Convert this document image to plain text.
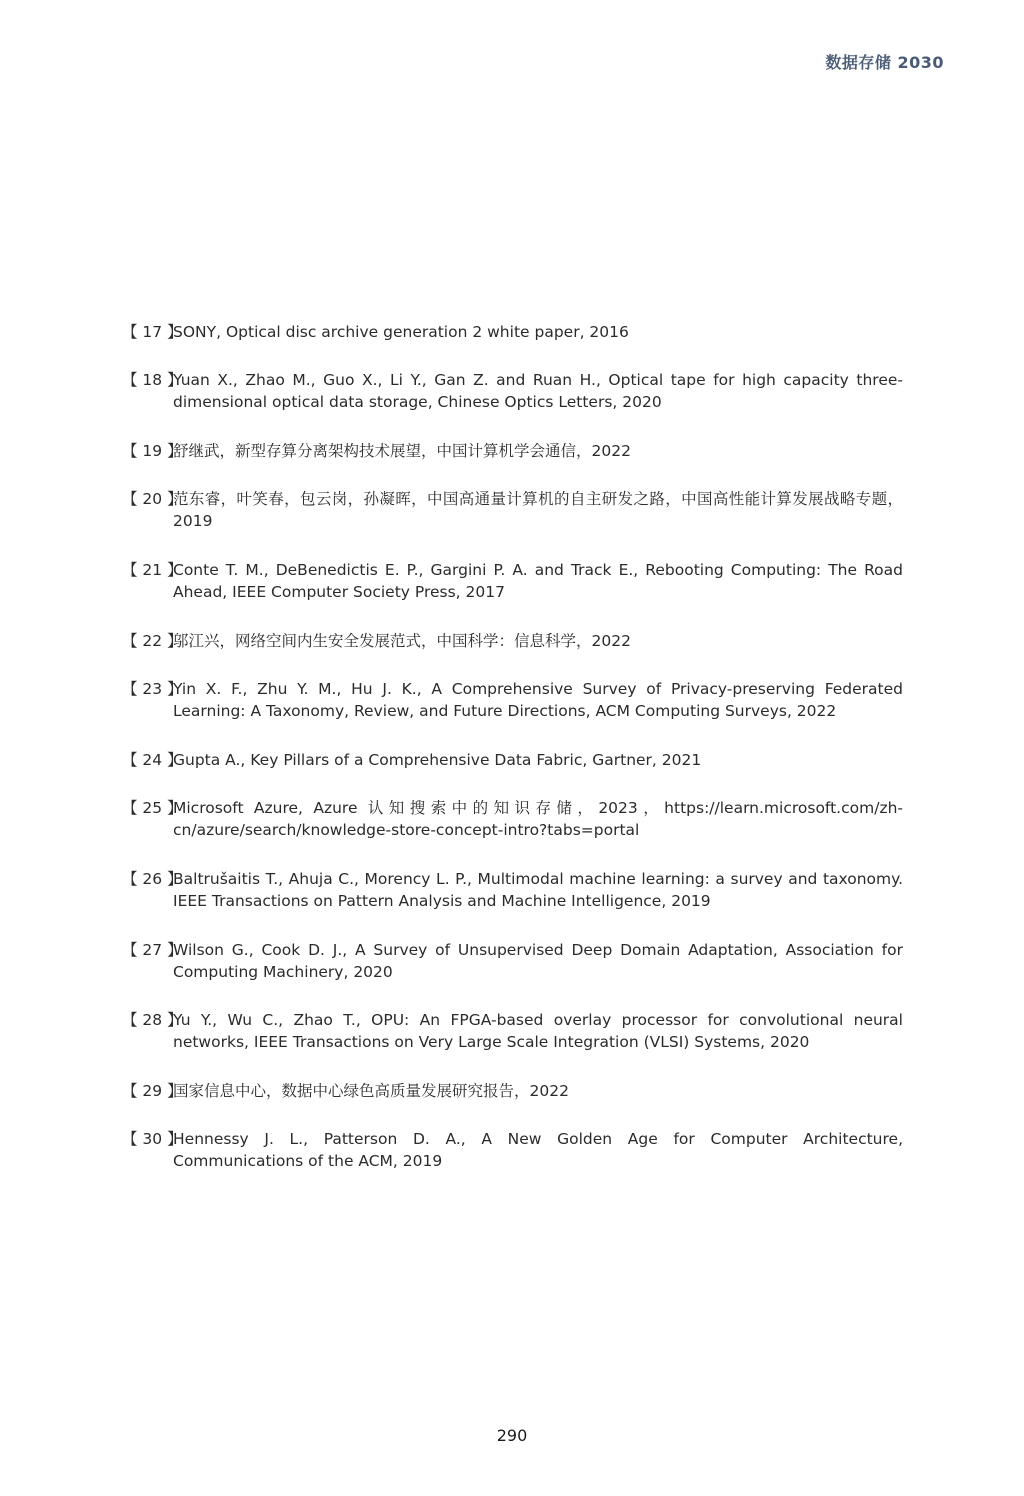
数据存储 2030
【 17 】
SONY, Optical disc archive generation 2 white paper, 2016
【 18 】
Yuan X., Zhao M., Guo X., Li Y., Gan Z. and Ruan H., Optical tape for high capacity three-dimensional optical data storage, Chinese Optics Letters, 2020
【 19 】
舒继武，新型存算分离架构技术展望，中国计算机学会通信，2022
【 20 】
范东睿，叶笑春，包云岗，孙凝晖，中国高通量计算机的自主研发之路，中国高性能计算发展战略专题，2019
【 21 】
Conte T. M., DeBenedictis E. P., Gargini P. A. and Track E., Rebooting Computing: The Road Ahead, IEEE Computer Society Press, 2017
【 22 】
邬江兴，网络空间内生安全发展范式，中国科学：信息科学，2022
【 23 】
Yin X. F., Zhu Y. M., Hu J. K., A Comprehensive Survey of Privacy-preserving Federated Learning: A Taxonomy, Review, and Future Directions, ACM Computing Surveys, 2022
【 24 】
Gupta A., Key Pillars of a Comprehensive Data Fabric, Gartner, 2021
【 25 】
Microsoft Azure, Azure 认知搜索中的知识存储，2023，https://learn.microsoft.com/zh-cn/azure/search/knowledge-store-concept-intro?tabs=portal
【 26 】
Baltrušaitis T., Ahuja C., Morency L. P., Multimodal machine learning: a survey and taxonomy. IEEE Transactions on Pattern Analysis and Machine Intelligence, 2019
【 27 】
Wilson G., Cook D. J., A Survey of Unsupervised Deep Domain Adaptation, Association for Computing Machinery, 2020
【 28 】
Yu Y., Wu C., Zhao T., OPU: An FPGA-based overlay processor for convolutional neural networks, IEEE Transactions on Very Large Scale Integration (VLSI) Systems, 2020
【 29 】
国家信息中心，数据中心绿色高质量发展研究报告，2022
【 30 】
Hennessy J. L., Patterson D. A., A New Golden Age for Computer Architecture, Communications of the ACM, 2019
290
